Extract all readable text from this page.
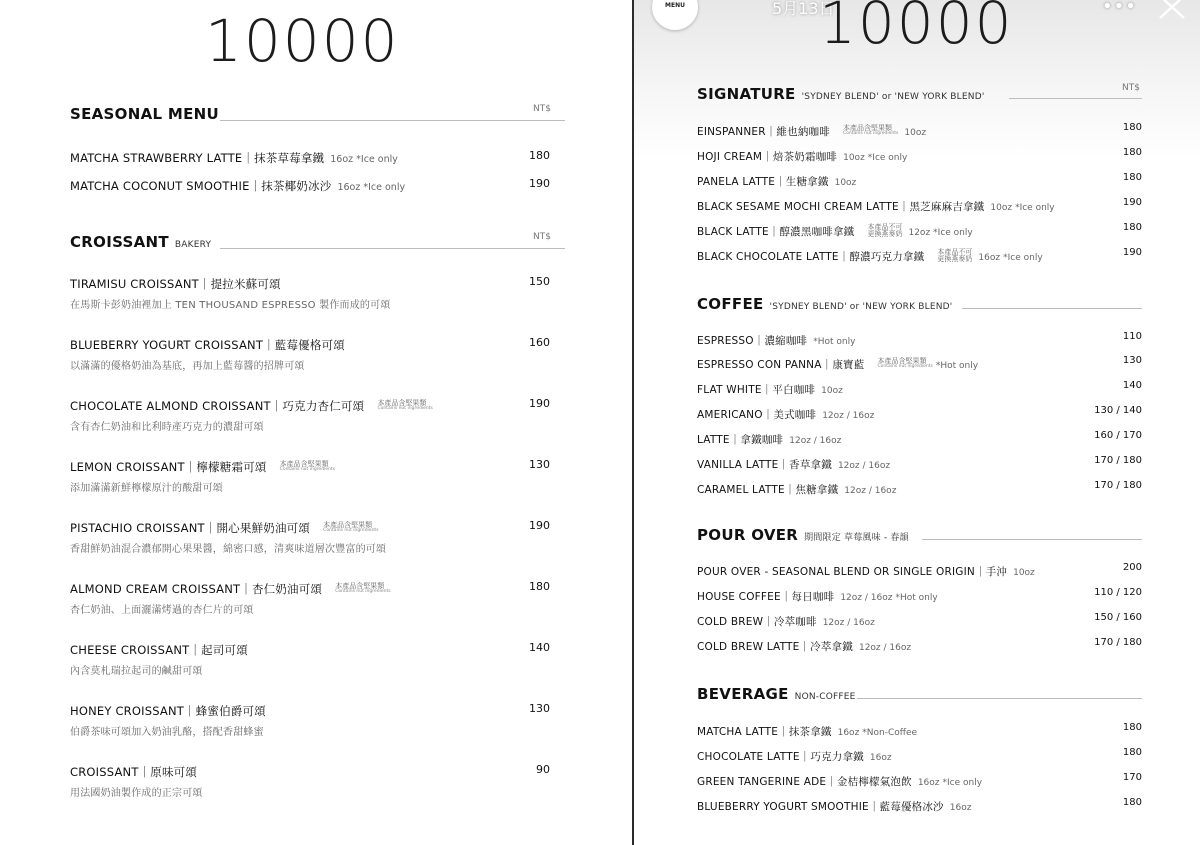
10000
SEASONAL MENU	NT$
MATCHA STRAWBERRY LATTE｜抹茶草莓拿鐵 16oz *Ice only	180
MATCHA COCONUT SMOOTHIE｜抹茶椰奶冰沙 16oz *Ice only	190
CROISSANT BAKERY
NT$
TIRAMISU CROISSANT｜提拉米蘇可頌
在馬斯卡彭奶油裡加上 TEN THOUSAND ESPRESSO 製作而成的可頌
150
BLUEBERRY YOGURT CROISSANT｜藍莓優格可頌
以滿滿的優格奶油為基底，再加上藍莓醬的招牌可頌
160
CHOCOLATE ALMOND CROISSANT｜巧克力杏仁可頌 本產品含堅果類
Contains nut ingredients
含有杏仁奶油和比利時產巧克力的濃甜可頌
190
LEMON CROISSANT｜檸檬糖霜可頌 本產品含堅果類
Contains nut ingredients
添加滿滿新鮮檸檬原汁的酸甜可頌
130
PISTACHIO CROISSANT｜開心果鮮奶油可頌 本產品含堅果類
Contains nut ingredients
香甜鮮奶油混合濃郁開心果果醬，綿密口感，清爽味道層次豐富的可頌
190
ALMOND CREAM CROISSANT｜杏仁奶油可頌 本產品含堅果類
Contains nut ingredients
杏仁奶油、上面灑滿烤過的杏仁片的可頌
180
CHEESE CROISSANT｜起司可頌
內含莫札瑞拉起司的鹹甜可頌
140
HONEY CROISSANT｜蜂蜜伯爵可頌
伯爵茶味可頌加入奶油乳酪，搭配香甜蜂蜜
130
CROISSANT｜原味可頌
用法國奶油製作成的正宗可頌
90
MENU	5月13日
10000	•••
SIGNATURE 'SYDNEY BLEND' or 'NEW YORK BLEND'
NT$
EINSPANNER｜維也納咖啡 本產品含堅果類
Contains nut ingredients 10oz	180
HOJI CREAM｜焙茶奶霜咖啡 10oz *Ice only	180
PANELA LATTE｜生糖拿鐵 10oz	180
BLACK SESAME MOCHI CREAM LATTE｜黑芝麻麻吉拿鐵 10oz *Ice only	190
BLACK LATTE｜醇濃黑咖啡拿鐵 本產品不可
更換燕麥奶 12oz *Ice only	180
BLACK CHOCOLATE LATTE｜醇濃巧克力拿鐵 本產品不可
更換燕麥奶 16oz *Ice only	190
COFFEE 'SYDNEY BLEND' or 'NEW YORK BLEND'
ESPRESSO｜濃縮咖啡 *Hot only	110
ESPRESSO CON PANNA｜康寶藍 本產品含堅果類
Contains nut ingredients *Hot only	130
FLAT WHITE｜平白咖啡 10oz	140
AMERICANO｜美式咖啡 12oz / 16oz	130 / 140
LATTE｜拿鐵咖啡 12oz / 16oz	160 / 170
VANILLA LATTE｜香草拿鐵 12oz / 16oz	170 / 180
CARAMEL LATTE｜焦糖拿鐵 12oz / 16oz	170 / 180
POUR OVER 期間限定 草莓風味 - 春韻
POUR OVER - SEASONAL BLEND OR SINGLE ORIGIN｜手沖 10oz	200
HOUSE COFFEE｜每日咖啡 12oz / 16oz *Hot only	110 / 120
COLD BREW｜冷萃咖啡 12oz / 16oz	150 / 160
COLD BREW LATTE｜冷萃拿鐵 12oz / 16oz	170 / 180
BEVERAGE NON-COFFEE
MATCHA LATTE｜抹茶拿鐵 16oz *Non-Coffee	180
CHOCOLATE LATTE｜巧克力拿鐵 16oz	180
GREEN TANGERINE ADE｜金桔檸檬氣泡飲 16oz *Ice only	170
BLUEBERRY YOGURT SMOOTHIE｜藍莓優格冰沙 16oz	180
